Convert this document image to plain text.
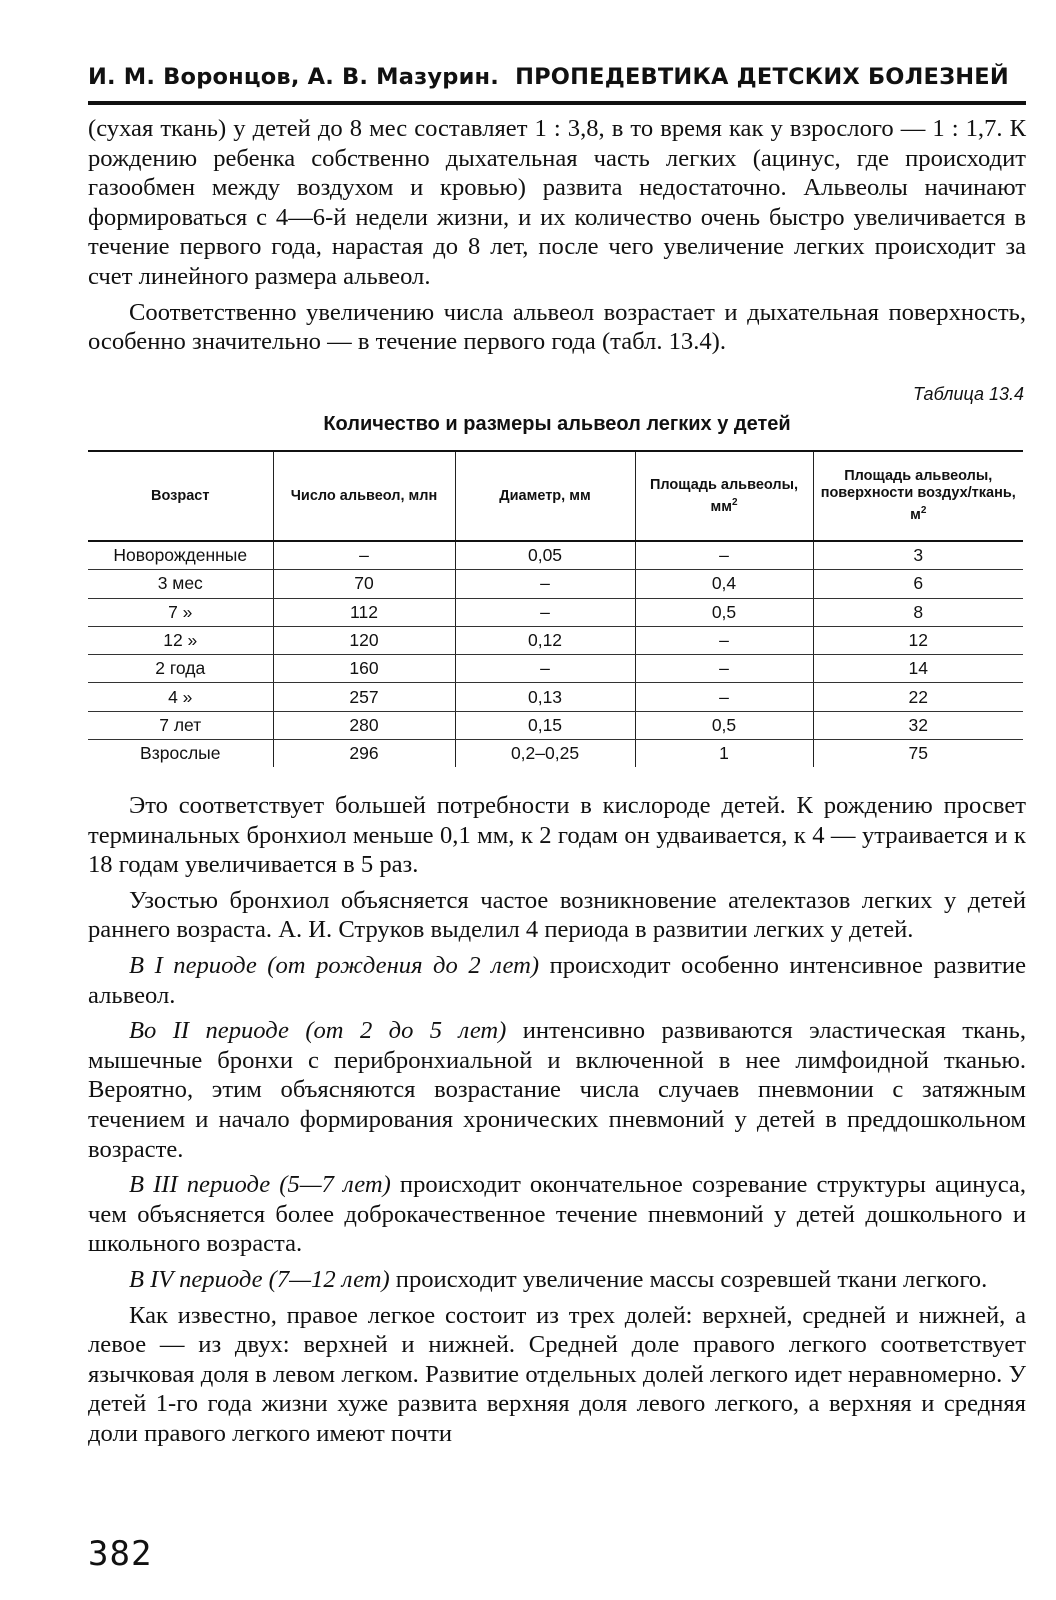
И. М. Воронцов, А. В. Мазурин. ПРОПЕДЕВТИКА ДЕТСКИХ БОЛЕЗНЕЙ

(сухая ткань) у детей до 8 мес составляет 1 : 3,8, в то время как у взрослого — 1 : 1,7. К рождению ребенка собственно дыхательная часть легких (ацинус, где происходит газообмен между воздухом и кровью) развита недостаточно. Альвеолы начинают формироваться с 4—6-й недели жизни, и их количество очень быстро увеличивается в течение первого года, нарастая до 8 лет, после чего увеличение легких происходит за счет линейного размера альвеол.

Соответственно увеличению числа альвеол возрастает и дыхательная поверхность, особенно значительно — в течение первого года (табл. 13.4).

Таблица 13.4
Количество и размеры альвеол легких у детей
Возраст	Число альвеол, млн	Диаметр, мм	Площадь альвеолы, $мм^2$	Площадь альвеолы, поверхности воздух/ткань, $м^2$
Новорожденные	–	0,05	–	3
3 мес	70	–	0,4	6
7 »	112	–	0,5	8
12 »	120	0,12	–	12
2 года	160	–	–	14
4 »	257	0,13	–	22
7 лет	280	0,15	0,5	32
Взрослые	296	0,2–0,25	1	75

Это соответствует большей потребности в кислороде детей. К рождению просвет терминальных бронхиол меньше 0,1 мм, к 2 годам он удваивается, к 4 — утраивается и к 18 годам увеличивается в 5 раз.

Узостью бронхиол объясняется частое возникновение ателектазов легких у детей раннего возраста. А. И. Струков выделил 4 периода в развитии легких у детей.

В I периоде (от рождения до 2 лет) происходит особенно интенсивное развитие альвеол.

Во II периоде (от 2 до 5 лет) интенсивно развиваются эластическая ткань, мышечные бронхи с перибронхиальной и включенной в нее лимфоидной тканью. Вероятно, этим объясняются возрастание числа случаев пневмонии с затяжным течением и начало формирования хронических пневмоний у детей в преддошкольном возрасте.

В III периоде (5—7 лет) происходит окончательное созревание структуры ацинуса, чем объясняется более доброкачественное течение пневмоний у детей дошкольного и школьного возраста.

В IV периоде (7—12 лет) происходит увеличение массы созревшей ткани легкого.

Как известно, правое легкое состоит из трех долей: верхней, средней и нижней, а левое — из двух: верхней и нижней. Средней доле правого легкого соответствует язычковая доля в левом легком. Развитие отдельных долей легкого идет неравномерно. У детей 1-го года жизни хуже развита верхняя доля левого легкого, а верхняя и средняя доли правого легкого имеют почти

382
